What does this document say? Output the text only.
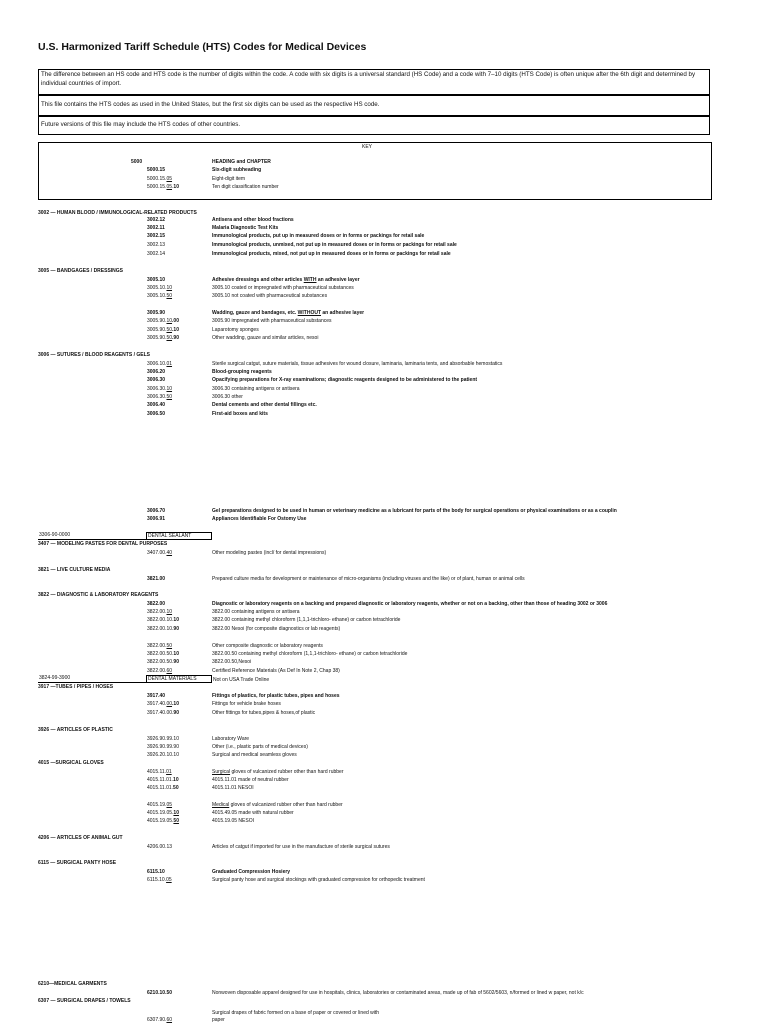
U.S. Harmonized Tariff Schedule (HTS) Codes for Medical Devices
The difference between an HS code and HTS code is the number of digits within the code. A code with six digits is a universal standard (HS Code) and a code with 7–10 digits (HTS Code) is often unique after the 6th digit and determined by individual countries of import.
This file contains the HTS codes as used in the United States, but the first six digits can be used as the respective HS code.
Future versions of this file may include the HTS codes of other countries.
KEY
5000	HEADING and CHAPTER
5000.15	Six-digit subheading
5000.15.05	Eight-digit item
5000.15.05.10	Ten digit classification number
3002 — HUMAN BLOOD / IMMUNOLOGICAL-RELATED PRODUCTS
3002.12	Antisera and other blood fractions
3002.11	Malaria Diagnostic Test Kits
3002.15	Immunological products, put up in measured doses or in forms or packings for retail sale
3002.13	Immunological products, unmixed, not put up in measured doses or in forms or packings for retail sale
3002.14	Immunological products, mixed, not put up in measured doses or in forms or packings for retail sale
3005 — BANDGAGES / DRESSINGS
3005.10	Adhesive dressings and other articles WITH an adhesive layer
3005.10.10	3005.10 coated or impregnated with pharmaceutical substances
3005.10.50	3005.10 not coated with pharmaceutical substances
3005.90	Wadding, gauze and bandages, etc. WITHOUT an adhesive layer
3005.90.10.00	3005.90 impregnated with pharmaceutical substances
3005.90.50.10	Laparotomy sponges
3005.90.50.90	Other wadding, gauze and similar articles, nesoi
3006 — SUTURES / BLOOD REAGENTS / GELS
3006.10.01	Sterile surgical catgut, suture materials, tissue adhesives for wound closure, laminaria, laminaria tents, and absorbable hemostatics
3006.20	Blood-grouping reagents
3006.30	Opacifying preparations for X-ray examinations; diagnostic reagents designed to be administered to the patient
3006.30.10	3006.30 containing antigens or antisera
3006.30.50	3006.30 other
3006.40	Dental cements and other dental fillings etc.
3006.50	First-aid boxes and kits
3006.70	Gel preparations designed to be used in human or veterinary medicine as a lubricant for parts of the body for surgical operations or physical examinations or as a couplin
3006.91	Appliances Identifiable For Ostomy Use
3306-90-0000	DENTAL SEALANT
3407 — MODELING PASTES FOR DENTAL PURPOSES
3407.00.40	Other modeling pastes (incl/ for dental impressions)
3821 — LIVE CULTURE MEDIA
3821.00	Prepared culture media for development or maintenance of micro-organisms (including viruses and the like) or of plant, human or animal cells
3822 — DIAGNOSTIC & LABORATORY REAGENTS
3822.00	Diagnostic or laboratory reagents on a backing and prepared diagnostic or laboratory reagents, whether or not on a backing, other than those of heading 3002 or 3006
3822.00.10	3822.00 containing antigens or antisera
3822.00.10.10	3822.00 containing methyl chloroform (1,1,1-trichloro- ethane) or carbon tetrachloride
3822.00.10.90	3822.00 Nesoi (for composite diagnostics or lab reagents)
3822.00.50	Other composite diagnostic or laboratory reagents
3822.00.50.10	3822.00.50 containing methyl chloroform (1,1,1-trichloro- ethane) or carbon tetrachloride
3822.00.50.90	3822.00.50,Nesoi
3822.00.60	Certified Reference Materials (As Def In Note 2, Chap 38)
3824-99-3900	DENTAL MATERIALS	Not on USA Trade Online
3917 —TUBES / PIPES / HOSES
3917.40	Fittings of plastics, for plastic tubes, pipes and hoses
3917.40.00.10	Fittings for vehicle brake hoses
3917.40.00.90	Other fittings for tubes,pipes & hoses,of plastic
3926 — ARTICLES OF PLASTIC
3926.90.99.10	Laboratory Ware
3926.90.99.90	Other (i.e., plastic parts of medical devices)
3926.20.10.10	Surgical and medical seamless gloves
4015 —SURGICAL GLOVES
4015.11.01	Surgical gloves of vulcanized rubber other than hard rubber
4015.11.01.10	4015.11.01 made of neutral rubber
4015.11.01.50	4015.11.01 NESOI
4015.19.05	Medical gloves of vulcanized rubber other than hard rubber
4015.19.05.10	4015.49.05 made with natural rubber
4015.19.05.50	4015.19.05 NESOI
4206 — ARTICLES OF ANIMAL GUT
4206.00.13	Articles of catgut if imported for use in the manufacture of sterile surgical sutures
6115 — SURGICAL PANTY HOSE
6115.10	Graduated Compression Hosiery
6115.10.05	Surgical panty hose and surgical stockings with graduated compression for orthopedic treatment
6210—MEDICAL GARMENTS
6210.10.50	Nonwoven disposable apparel designed for use in hospitals, clinics, laboratories or contaminated areas, made up of fab of 5602/5603, n/formed or lined w paper, not k/c
6307 — SURGICAL DRAPES / TOWELS
Surgical drapes of fabric formed on a base of paper or covered or lined with
6307.90.60	paper
